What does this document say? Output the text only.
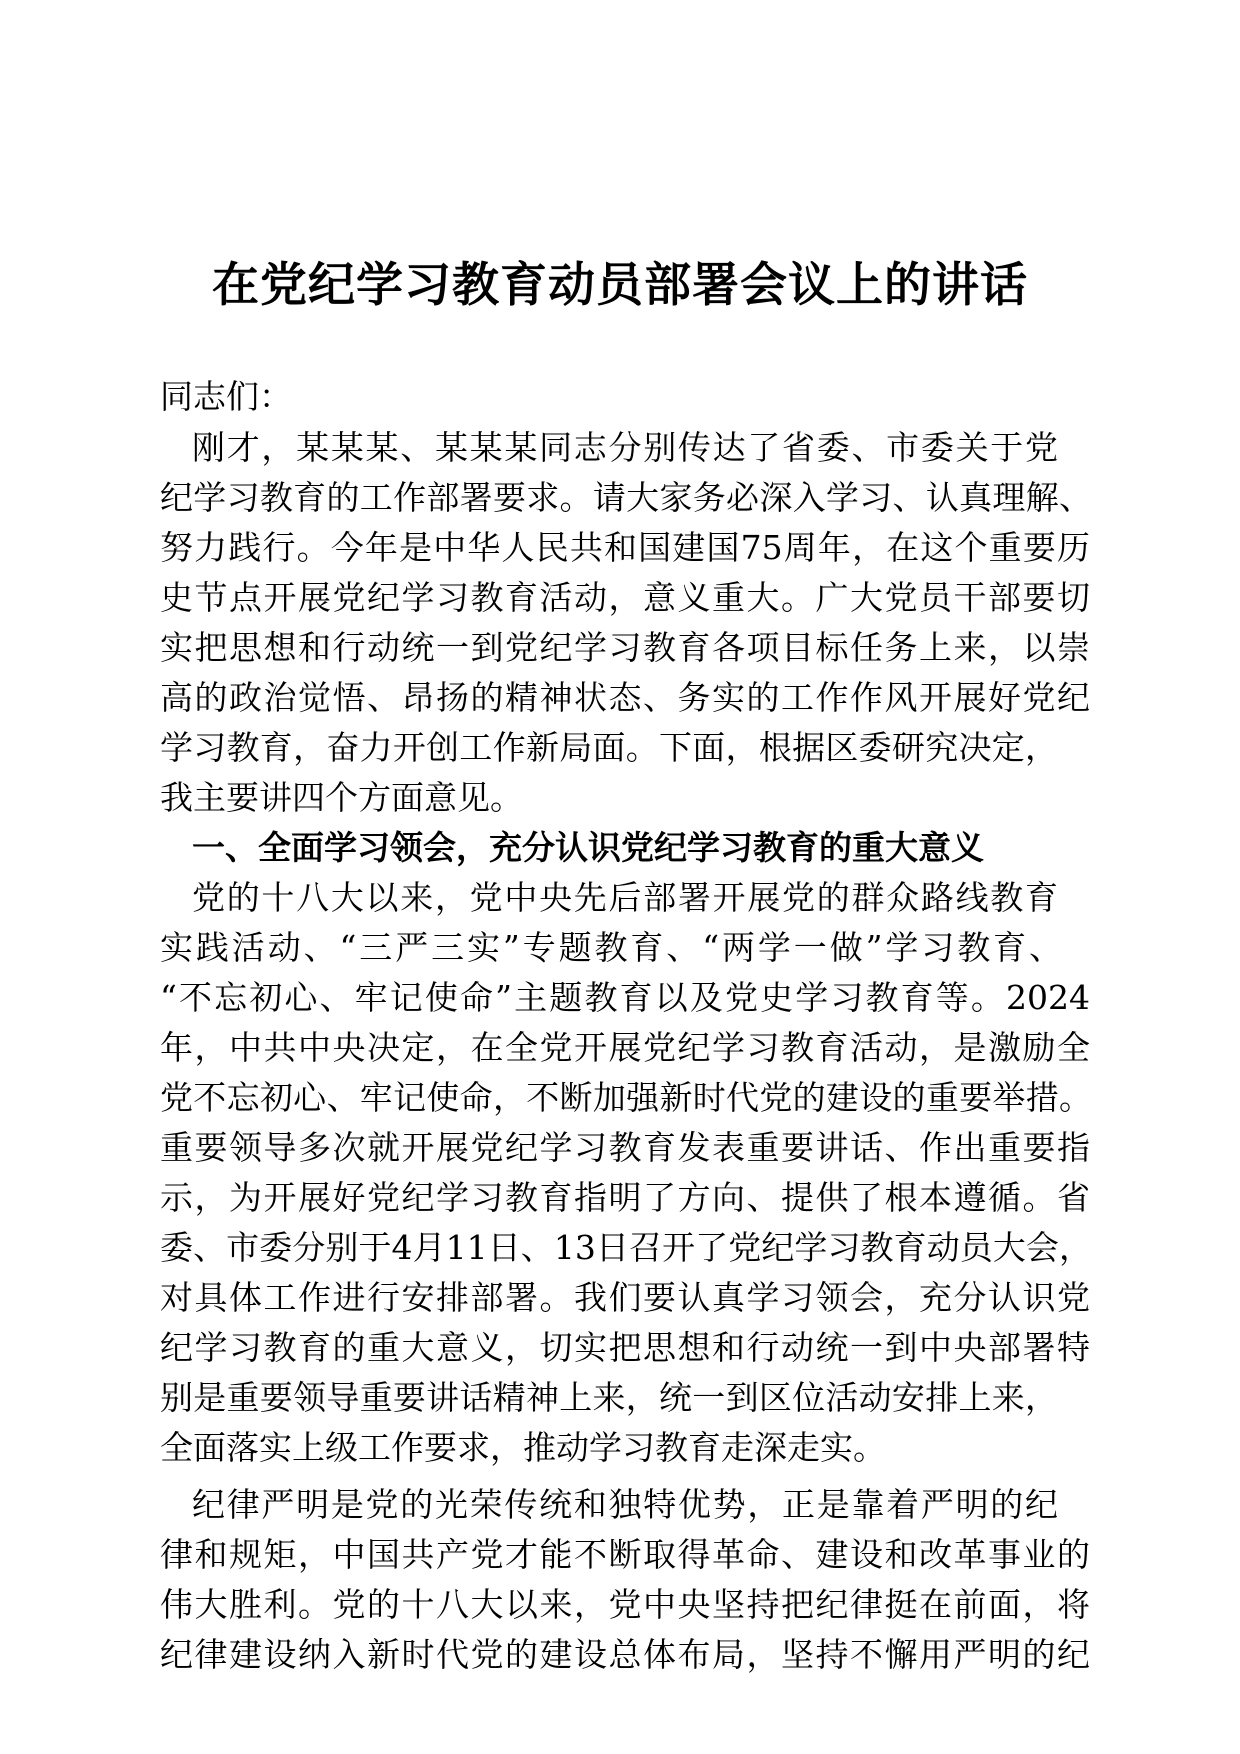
在党纪学习教育动员部署会议上的讲话
同志们：
刚才，某某某、某某某同志分别传达了省委、市委关于党
纪学习教育的工作部署要求。请大家务必深入学习、认真理解、
努力践行。今年是中华人民共和国建国75周年，在这个重要历
史节点开展党纪学习教育活动，意义重大。广大党员干部要切
实把思想和行动统一到党纪学习教育各项目标任务上来，以崇
高的政治觉悟、昂扬的精神状态、务实的工作作风开展好党纪
学习教育，奋力开创工作新局面。下面，根据区委研究决定，
我主要讲四个方面意见。
一、全面学习领会，充分认识党纪学习教育的重大意义
党的十八大以来，党中央先后部署开展党的群众路线教育
实践活动、“三严三实”专题教育、“两学一做”学习教育、
“不忘初心、牢记使命”主题教育以及党史学习教育等。2024
年，中共中央决定，在全党开展党纪学习教育活动，是激励全
党不忘初心、牢记使命，不断加强新时代党的建设的重要举措。
重要领导多次就开展党纪学习教育发表重要讲话、作出重要指
示，为开展好党纪学习教育指明了方向、提供了根本遵循。省
委、市委分别于4月11日、13日召开了党纪学习教育动员大会，
对具体工作进行安排部署。我们要认真学习领会，充分认识党
纪学习教育的重大意义，切实把思想和行动统一到中央部署特
别是重要领导重要讲话精神上来，统一到区位活动安排上来，
全面落实上级工作要求，推动学习教育走深走实。
纪律严明是党的光荣传统和独特优势，正是靠着严明的纪
律和规矩，中国共产党才能不断取得革命、建设和改革事业的
伟大胜利。党的十八大以来，党中央坚持把纪律挺在前面，将
纪律建设纳入新时代党的建设总体布局，坚持不懈用严明的纪
